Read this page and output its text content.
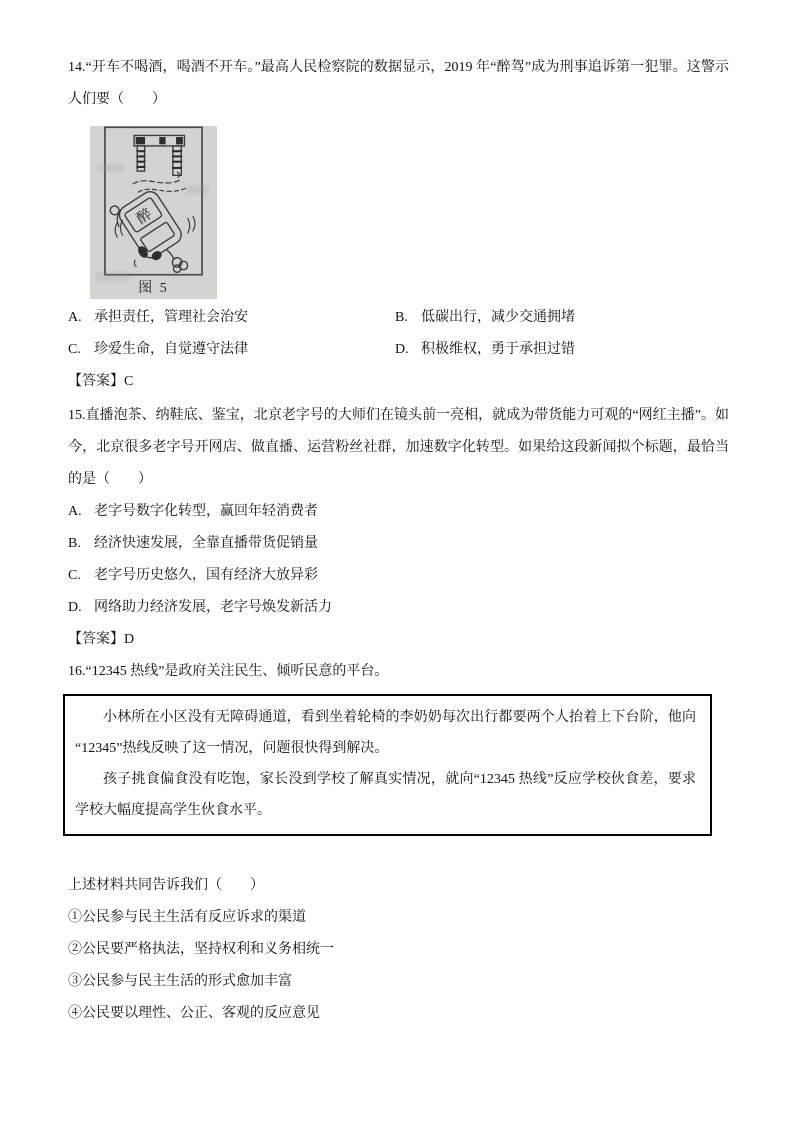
14.“开车不喝酒，喝酒不开车。”最高人民检察院的数据显示，2019 年“醉驾”成为刑事追诉第一犯罪。这警示人们要（　　）

醉
图 5

A. 承担责任，管理社会治安	B. 低碳出行，减少交通拥堵

C. 珍爱生命，自觉遵守法律	D. 积极维权，勇于承担过错

【答案】C

15.直播泡茶、纳鞋底、鉴宝，北京老字号的大师们在镜头前一亮相，就成为带货能力可观的“网红主播”。如今，北京很多老字号开网店、做直播、运营粉丝社群，加速数字化转型。如果给这段新闻拟个标题，最恰当的是（　　）

A. 老字号数字化转型，赢回年轻消费者

B. 经济快速发展，全靠直播带货促销量

C. 老字号历史悠久，国有经济大放异彩

D. 网络助力经济发展，老字号焕发新活力

【答案】D

16.“12345 热线”是政府关注民生、倾听民意的平台。

小林所在小区没有无障碍通道，看到坐着轮椅的李奶奶每次出行都要两个人抬着上下台阶，他向“12345”热线反映了这一情况，问题很快得到解决。

孩子挑食偏食没有吃饱，家长没到学校了解真实情况，就向“12345 热线”反应学校伙食差，要求学校大幅度提高学生伙食水平。

上述材料共同告诉我们（　　）

①公民参与民主生活有反应诉求的渠道

②公民要严格执法，坚持权利和义务相统一

③公民参与民主生活的形式愈加丰富

④公民要以理性、公正、客观的反应意见
